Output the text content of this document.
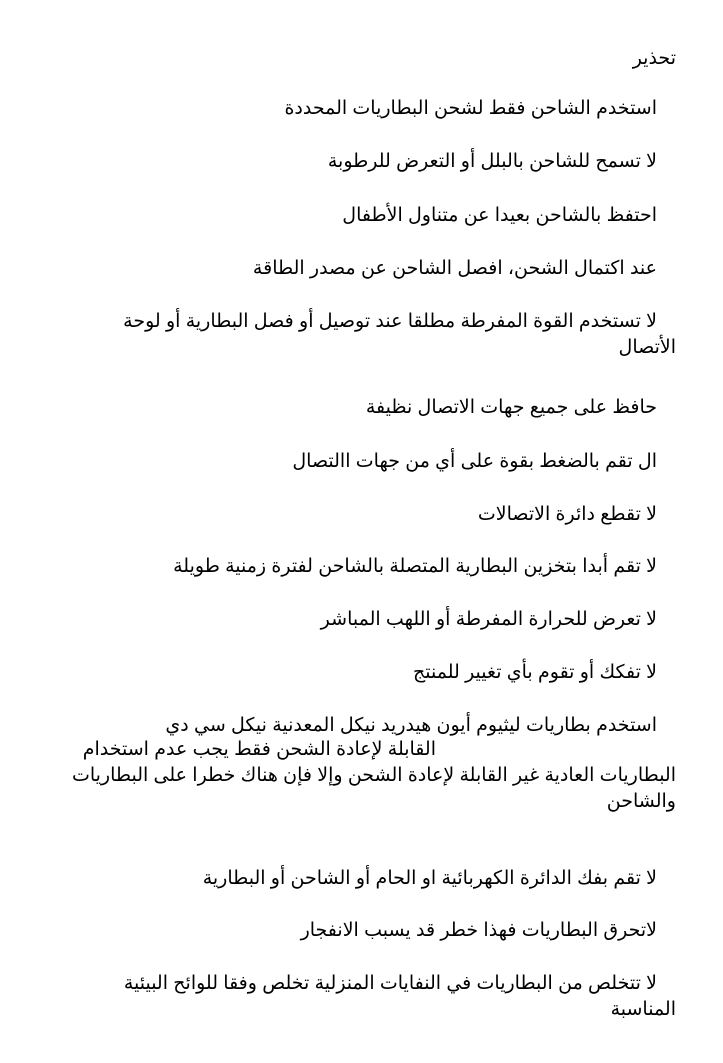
تحذير

استخدم الشاحن فقط لشحن البطاريات المحددة

لا تسمح للشاحن بالبلل أو التعرض للرطوبة

احتفظ بالشاحن بعيدا عن متناول الأطفال

عند اكتمال الشحن، افصل الشاحن عن مصدر الطاقة

لا تستخدم القوة المفرطة مطلقا عند توصيل أو فصل البطارية أو لوحة الأتصال

حافظ على جميع جهات الاتصال نظيفة

ال تقم بالضغط بقوة على أي من جهات االتصال

لا تقطع دائرة الاتصالات

لا تقم أبدا بتخزين البطارية المتصلة بالشاحن لفترة زمنية طويلة

لا تعرض للحرارة المفرطة أو اللهب المباشر

لا تفكك أو تقوم بأي تغيير للمنتج

استخدم بطاريات ليثيوم أيون هيدريد نيكل المعدنية نيكل سي دي
القابلة لإعادة الشحن فقط يجب عدم استخدام
البطاريات العادية غير القابلة لإعادة الشحن وإلا فإن هناك خطرا على البطاريات والشاحن

لا تقم بفك الدائرة الكهربائية او الحام أو الشاحن أو البطارية

لاتحرق البطاريات فهذا خطر قد يسبب الانفجار

لا تتخلص من البطاريات في النفايات المنزلية تخلص وفقا للوائح البيئية المناسبة
